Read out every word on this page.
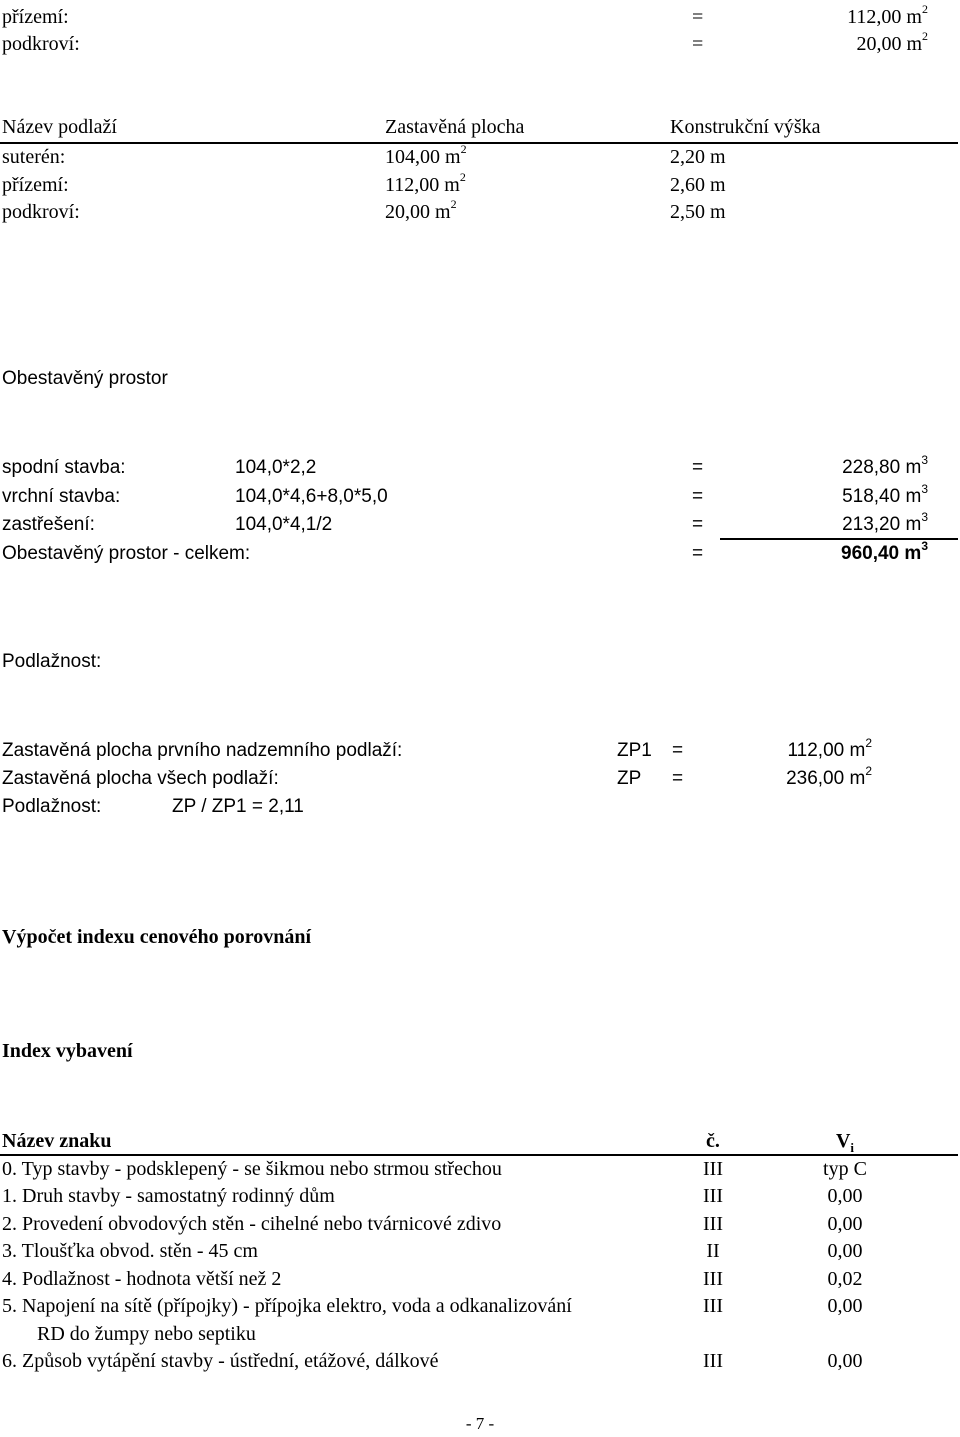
přízemí:	=	112,00 $m^2$
podkroví:	=	20,00 $m^2$
Název podlaží	Zastavěná plocha	Konstrukční výška
suterén:	104,00 $m^2$	2,20 m
přízemí:	112,00 $m^2$	2,60 m
podkroví:	20,00 $m^2$	2,50 m
Obestavěný prostor
spodní stavba:	104,0*2,2	=	228,80 $m^3$
vrchní stavba:	104,0*4,6+8,0*5,0	=	518,40 $m^3$
zastřešení:	104,0*4,1/2	=	213,20 $m^3$
Obestavěný prostor - celkem:	=	960,40 $m^3$
Podlažnost:
Zastavěná plocha prvního nadzemního podlaží:	ZP1 =	112,00 $m^2$
Zastavěná plocha všech podlaží:	ZP =	236,00 $m^2$
Podlažnost:	ZP / ZP1 = 2,11
Výpočet indexu cenového porovnání
Index vybavení
Název znaku	č.	$V_i$
0. Typ stavby - podsklepený - se šikmou nebo strmou střechou	III	typ C
1. Druh stavby - samostatný rodinný dům	III	0,00
2. Provedení obvodových stěn - cihelné nebo tvárnicové zdivo	III	0,00
3. Tloušťka obvod. stěn - 45 cm	II	0,00
4. Podlažnost - hodnota větší než 2	III	0,02
5. Napojení na sítě (přípojky) - přípojka elektro, voda a odkanalizování	III	0,00
RD do žumpy nebo septiku
6. Způsob vytápění stavby - ústřední, etážové, dálkové	III	0,00
- 7 -
